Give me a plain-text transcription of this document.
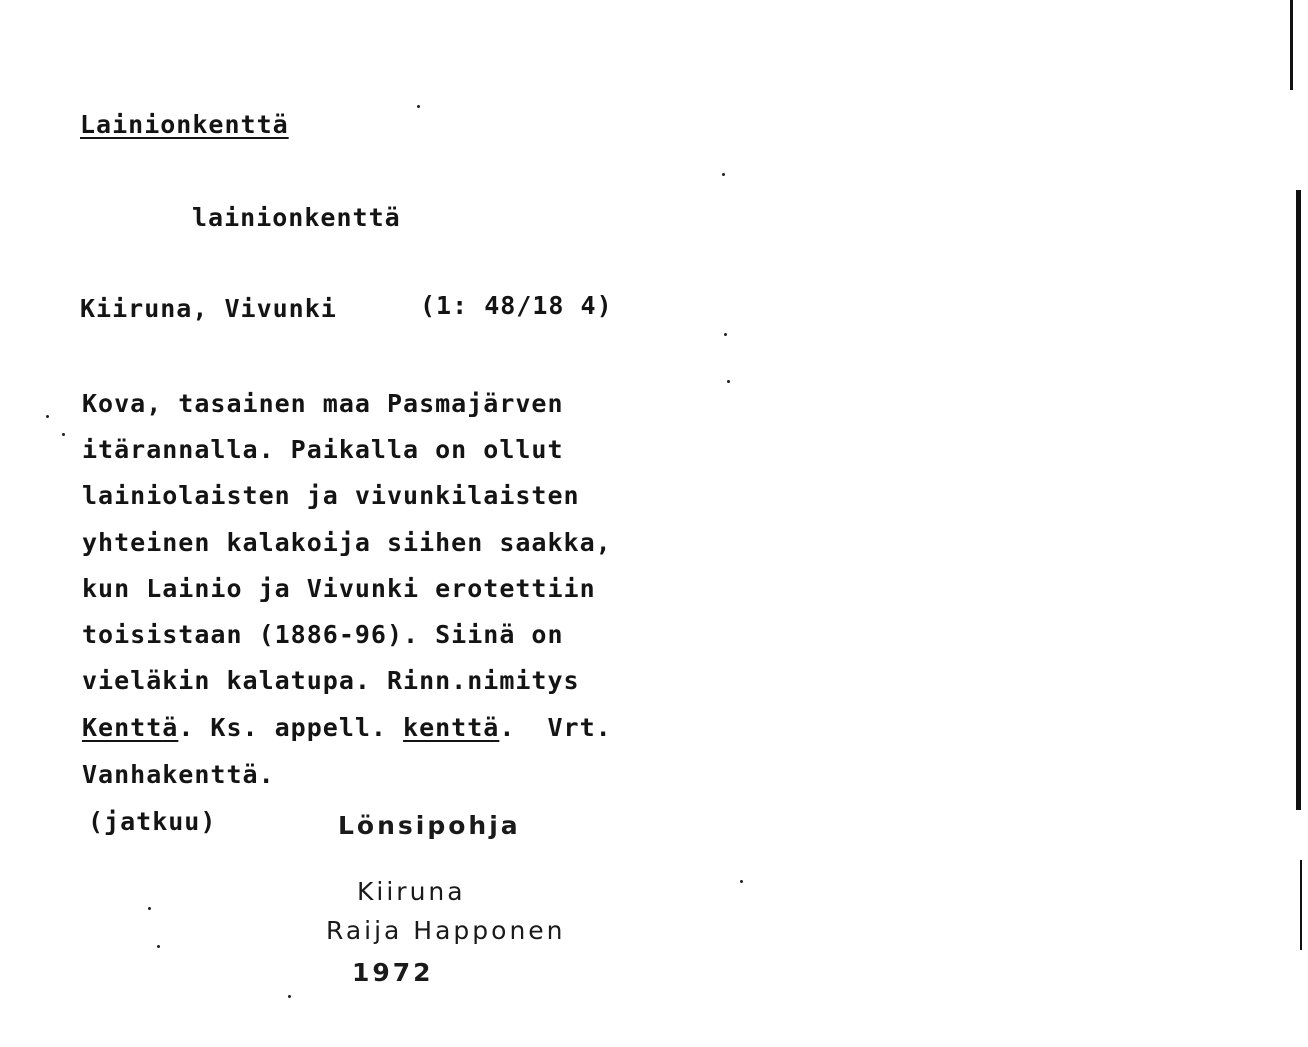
Lainionkenttä
lainionkenttä
Kiiruna, Vivunki	(1: 48/18 4)
Kova, tasainen maa Pasmajärven
itärannalla. Paikalla on ollut
lainiolaisten ja vivunkilaisten
yhteinen kalakoija siihen saakka,
kun Lainio ja Vivunki erotettiin
toisistaan (1886-96). Siinä on
vieläkin kalatupa. Rinn.nimitys
Kenttä. Ks. appell. kenttä.  Vrt.
Vanhakenttä.
(jatkuu)	Lönsipohja
Kiiruna
Raija Happonen
1972
